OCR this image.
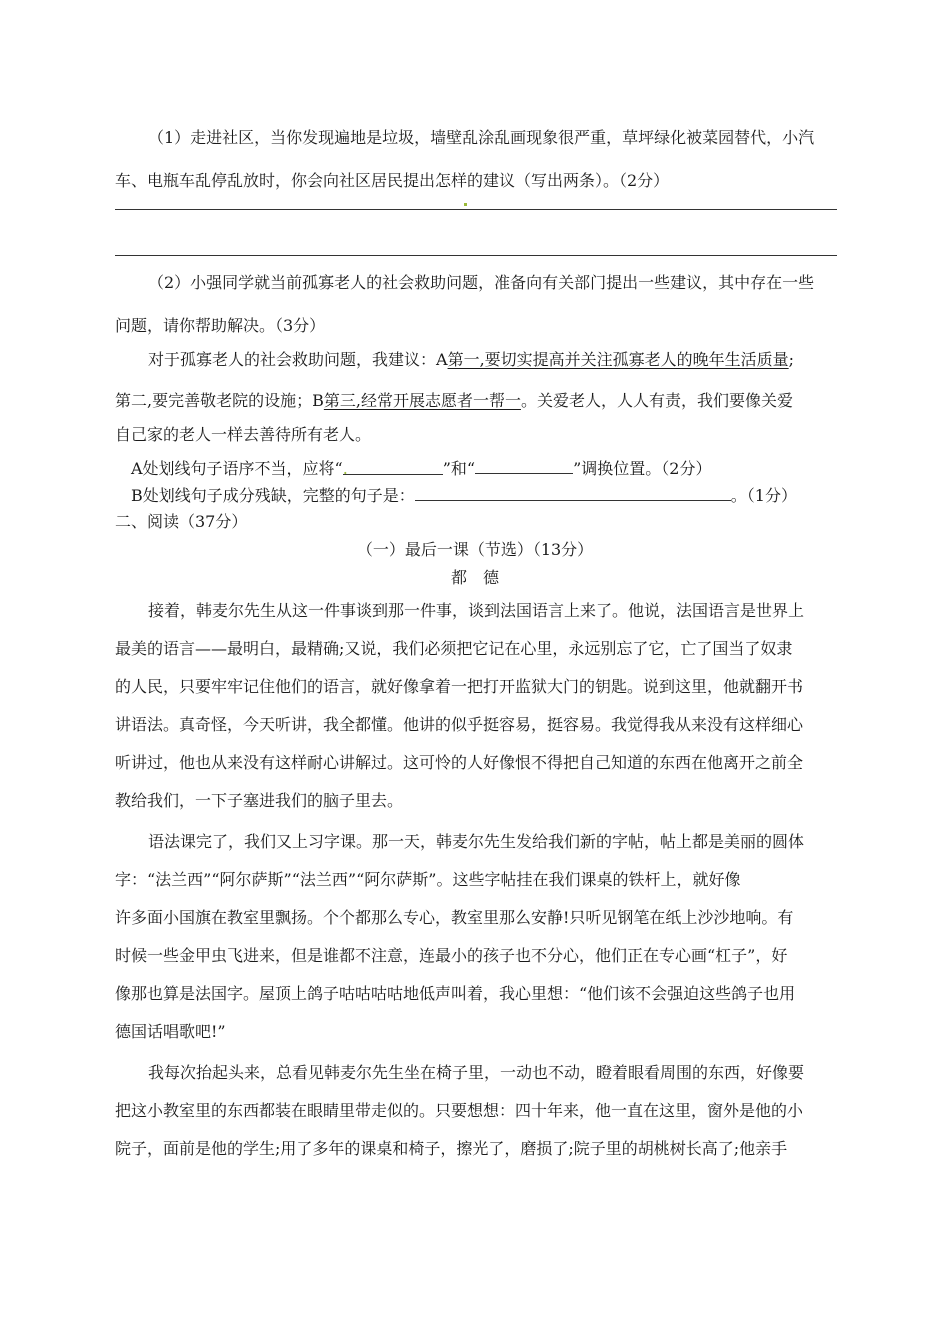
（1）走进社区，当你发现遍地是垃圾，墙壁乱涂乱画现象很严重，草坪绿化被菜园替代，小汽
车、电瓶车乱停乱放时，你会向社区居民提出怎样的建议（写出两条）。（2分）
（2）小强同学就当前孤寡老人的社会救助问题，准备向有关部门提出一些建议，其中存在一些
问题，请你帮助解决。（3分）
对于孤寡老人的社会救助问题，我建议：A第一,要切实提高并关注孤寡老人的晚年生活质量;
第二,要完善敬老院的设施；B第三,经常开展志愿者一帮一。关爱老人，人人有责，我们要像关爱
自己家的老人一样去善待所有老人。
A处划线句子语序不当，应将“.	”和“	”调换位置。（2分）
B处划线句子成分残缺，完整的句子是：	。（1分）
二、阅读（37分）
（一）最后一课（节选）（13分）
都　德
接着，韩麦尔先生从这一件事谈到那一件事，谈到法国语言上来了。他说，法国语言是世界上
最美的语言——最明白，最精确;又说，我们必须把它记在心里，永远别忘了它，亡了国当了奴隶
的人民，只要牢牢记住他们的语言，就好像拿着一把打开监狱大门的钥匙。说到这里，他就翻开书
讲语法。真奇怪，今天听讲，我全都懂。他讲的似乎挺容易，挺容易。我觉得我从来没有这样细心
听讲过，他也从来没有这样耐心讲解过。这可怜的人好像恨不得把自己知道的东西在他离开之前全
教给我们，一下子塞进我们的脑子里去。
语法课完了，我们又上习字课。那一天，韩麦尔先生发给我们新的字帖，帖上都是美丽的圆体
字：“法兰西”“阿尔萨斯”“法兰西”“阿尔萨斯”。这些字帖挂在我们课桌的铁杆上，就好像
许多面小国旗在教室里飘扬。个个都那么专心，教室里那么安静!只听见钢笔在纸上沙沙地响。有
时候一些金甲虫飞进来，但是谁都不注意，连最小的孩子也不分心，他们正在专心画“杠子”，好
像那也算是法国字。屋顶上鸽子咕咕咕咕地低声叫着，我心里想：“他们该不会强迫这些鸽子也用
德国话唱歌吧!”
我每次抬起头来，总看见韩麦尔先生坐在椅子里，一动也不动，瞪着眼看周围的东西，好像要
把这小教室里的东西都装在眼睛里带走似的。只要想想：四十年来，他一直在这里，窗外是他的小
院子，面前是他的学生;用了多年的课桌和椅子，擦光了，磨损了;院子里的胡桃树长高了;他亲手
